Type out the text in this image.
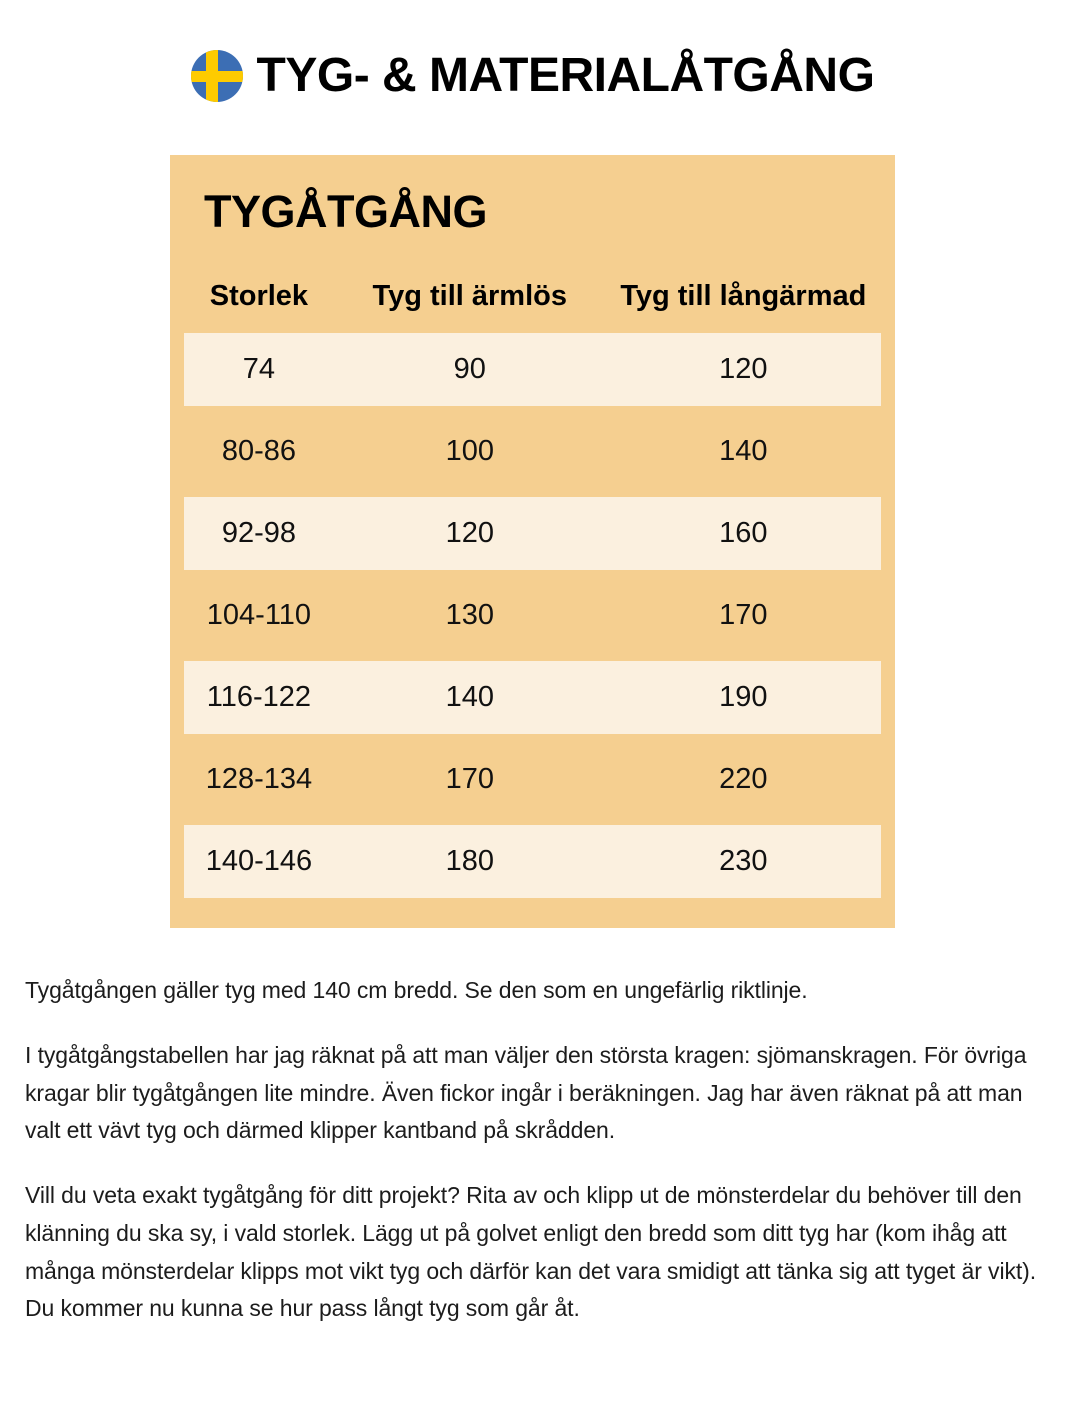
TYG- & MATERIALÅTGÅNG
TYGÅTGÅNG
Storlek	Tyg till ärmlös	Tyg till långärmad
74	90	120
80-86	100	140
92-98	120	160
104-110	130	170
116-122	140	190
128-134	170	220
140-146	180	230

Tygåtgången gäller tyg med 140 cm bredd. Se den som en ungefärlig riktlinje.

I tygåtgångstabellen har jag räknat på att man väljer den största kragen: sjömanskragen. För övriga kragar blir tygåtgången lite mindre. Även fickor ingår i beräkningen. Jag har även räknat på att man valt ett vävt tyg och därmed klipper kantband på skrådden.

Vill du veta exakt tygåtgång för ditt projekt? Rita av och klipp ut de mönsterdelar du behöver till den klänning du ska sy, i vald storlek. Lägg ut på golvet enligt den bredd som ditt tyg har (kom ihåg att många mönsterdelar klipps mot vikt tyg och därför kan det vara smidigt att tänka sig att tyget är vikt). Du kommer nu kunna se hur pass långt tyg som går åt.
